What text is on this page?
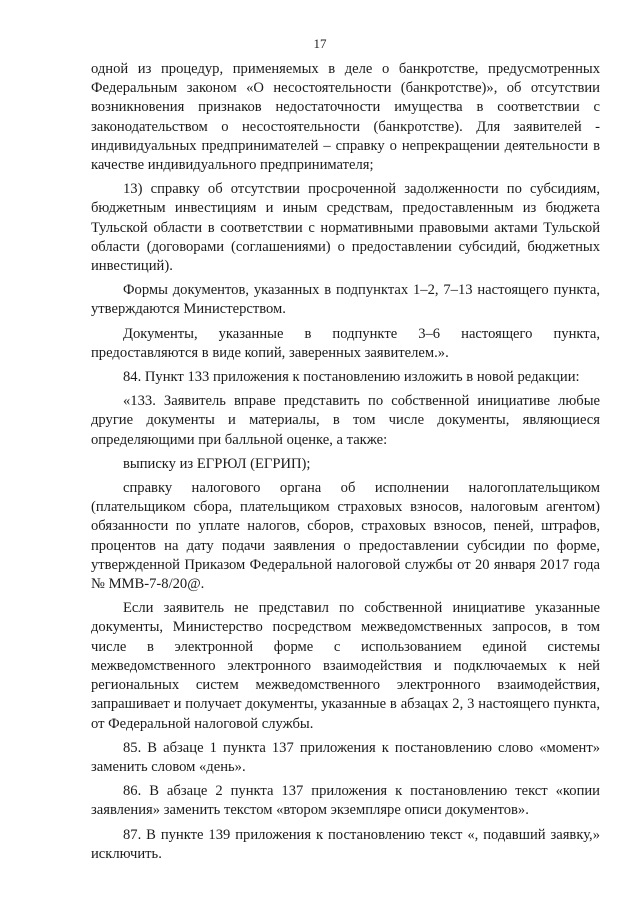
17

одной из процедур, применяемых в деле о банкротстве, предусмотренных Федеральным законом «О несостоятельности (банкротстве)», об отсутствии возникновения признаков недостаточности имущества в соответствии с законодательством о несостоятельности (банкротстве). Для заявителей - индивидуальных предпринимателей – справку о непрекращении деятельности в качестве индивидуального предпринимателя;

13) справку об отсутствии просроченной задолженности по субсидиям, бюджетным инвестициям и иным средствам, предоставленным из бюджета Тульской области в соответствии с нормативными правовыми актами Тульской области (договорами (соглашениями) о предоставлении субсидий, бюджетных инвестиций).

Формы документов, указанных в подпунктах 1–2, 7–13 настоящего пункта, утверждаются Министерством.

Документы, указанные в подпункте 3–6 настоящего пункта, предоставляются в виде копий, заверенных заявителем.».

84. Пункт 133 приложения к постановлению изложить в новой редакции:

«133. Заявитель вправе представить по собственной инициативе любые другие документы и материалы, в том числе документы, являющиеся определяющими при балльной оценке, а также:

выписку из ЕГРЮЛ (ЕГРИП);

справку налогового органа об исполнении налогоплательщиком (плательщиком сбора, плательщиком страховых взносов, налоговым агентом) обязанности по уплате налогов, сборов, страховых взносов, пеней, штрафов, процентов на дату подачи заявления о предоставлении субсидии по форме, утвержденной Приказом Федеральной налоговой службы от 20 января 2017 года № ММВ-7-8/20@.

Если заявитель не представил по собственной инициативе указанные документы, Министерство посредством межведомственных запросов, в том числе в электронной форме с использованием единой системы межведомственного электронного взаимодействия и подключаемых к ней региональных систем межведомственного электронного взаимодействия, запрашивает и получает документы, указанные в абзацах 2, 3 настоящего пункта, от Федеральной налоговой службы.

85. В абзаце 1 пункта 137 приложения к постановлению слово «момент» заменить словом «день».

86. В абзаце 2 пункта 137 приложения к постановлению текст «копии заявления» заменить текстом «втором экземпляре описи документов».

87. В пункте 139 приложения к постановлению текст «, подавший заявку,» исключить.
